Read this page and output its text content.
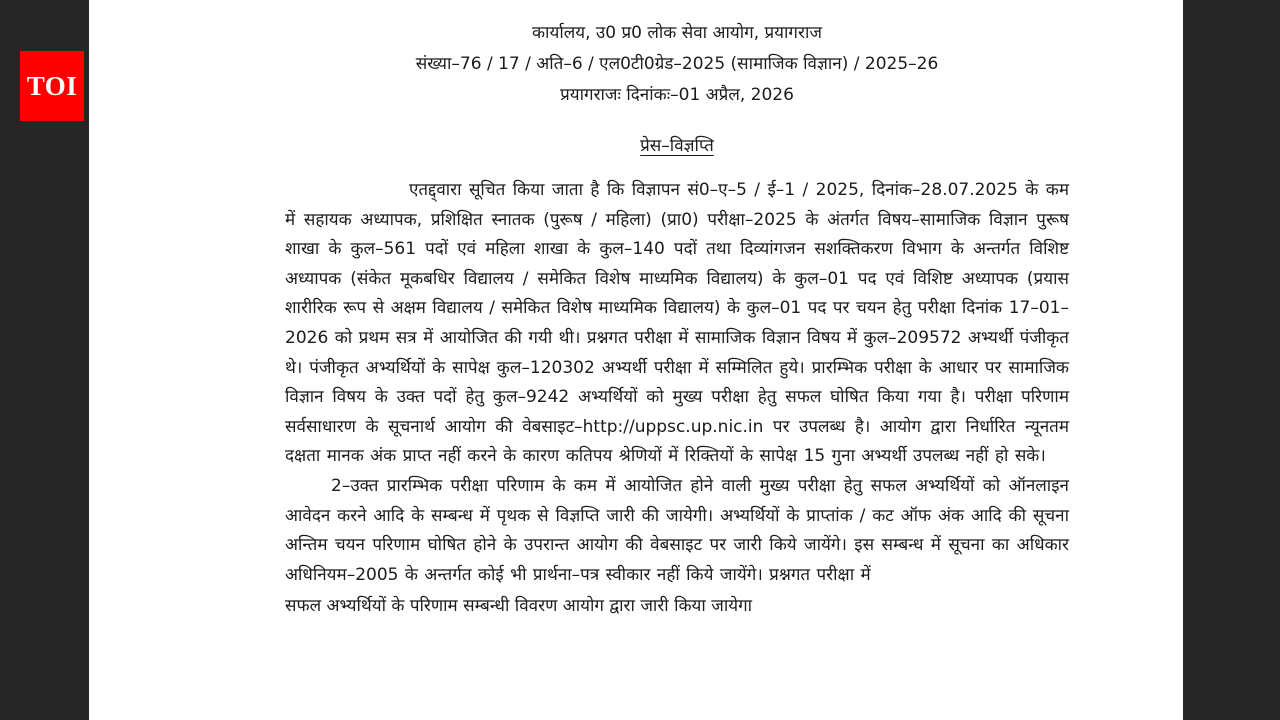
TOI
कार्यालय, उ0 प्र0 लोक सेवा आयोग, प्रयागराज
संख्या–76 / 17 / अति–6 / एल0टी0ग्रेड–2025 (सामाजिक विज्ञान) / 2025–26
प्रयागराजः दिनांकः–01 अप्रैल, 2026
प्रेस–विज्ञप्ति

एतद्द्वारा सूचित किया जाता है कि विज्ञापन सं0–ए–5 / ई–1 / 2025, दिनांक–28.07.2025 के कम में सहायक अध्यापक, प्रशिक्षित स्नातक (पुरूष / महिला) (प्रा0) परीक्षा–2025 के अंतर्गत विषय–सामाजिक विज्ञान पुरूष शाखा के कुल–561 पदों एवं महिला शाखा के कुल–140 पदों तथा दिव्यांगजन सशक्तिकरण विभाग के अन्तर्गत विशिष्ट अध्यापक (संकेत मूकबधिर विद्यालय / समेकित विशेष माध्यमिक विद्यालय) के कुल–01 पद एवं विशिष्ट अध्यापक (प्रयास शारीरिक रूप से अक्षम विद्यालय / समेकित विशेष माध्यमिक विद्यालय) के कुल–01 पद पर चयन हेतु परीक्षा दिनांक 17–01–2026 को प्रथम सत्र में आयोजित की गयी थी। प्रश्नगत परीक्षा में सामाजिक विज्ञान विषय में कुल–209572 अभ्यर्थी पंजीकृत थे। पंजीकृत अभ्यर्थियों के सापेक्ष कुल–120302 अभ्यर्थी परीक्षा में सम्मिलित हुये। प्रारम्भिक परीक्षा के आधार पर सामाजिक विज्ञान विषय के उक्त पदों हेतु कुल–9242 अभ्यर्थियों को मुख्य परीक्षा हेतु सफल घोषित किया गया है। परीक्षा परिणाम सर्वसाधारण के सूचनार्थ आयोग की वेबसाइट–http://uppsc.up.nic.in पर उपलब्ध है। आयोग द्वारा निर्धारित न्यूनतम दक्षता मानक अंक प्राप्त नहीं करने के कारण कतिपय श्रेणियों में रिक्तियों के सापेक्ष 15 गुना अभ्यर्थी उपलब्ध नहीं हो सके।

2–उक्त प्रारम्भिक परीक्षा परिणाम के कम में आयोजित होने वाली मुख्य परीक्षा हेतु सफल अभ्यर्थियों को ऑनलाइन आवेदन करने आदि के सम्बन्ध में पृथक से विज्ञप्ति जारी की जायेगी। अभ्यर्थियों के प्राप्तांक / कट ऑफ अंक आदि की सूचना अन्तिम चयन परिणाम घोषित होने के उपरान्त आयोग की वेबसाइट पर जारी किये जायेंगे। इस सम्बन्ध में सूचना का अधिकार अधिनियम–2005 के अन्तर्गत कोई भी प्रार्थना–पत्र स्वीकार नहीं किये जायेंगे। प्रश्नगत परीक्षा में

सफल अभ्यर्थियों के परिणाम सम्बन्धी विवरण आयोग द्वारा जारी किया जायेगा
